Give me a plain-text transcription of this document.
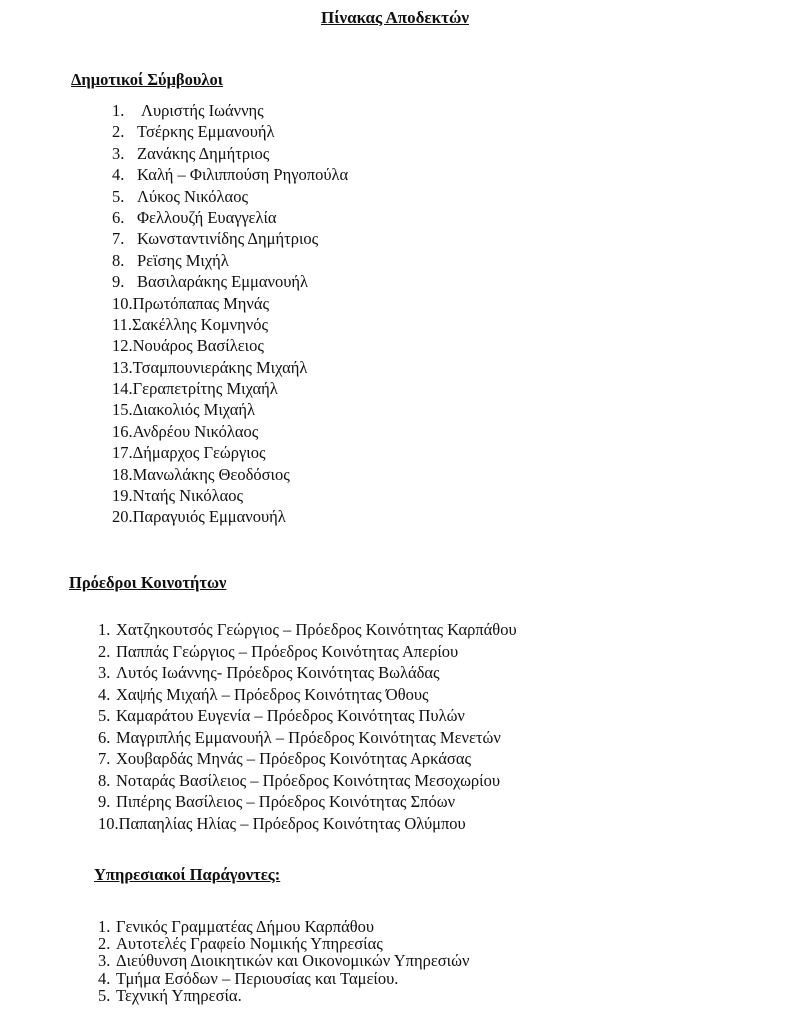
Πίνακας Αποδεκτών
Δημοτικοί Σύμβουλοι
1. Λυριστής Ιωάννης
2. Τσέρκης Εμμανουήλ
3. Ζανάκης Δημήτριος
4. Καλή – Φιλιππούση Ρηγοπούλα
5. Λύκος Νικόλαος
6. Φελλουζή Ευαγγελία
7. Κωνσταντινίδης Δημήτριος
8. Ρεϊσης Μιχήλ
9. Βασιλαράκης Εμμανουήλ
10.Πρωτόπαπας Μηνάς
11.Σακέλλης Κομνηνός
12.Νουάρος Βασίλειος
13.Τσαμπουνιεράκης Μιχαήλ
14.Γεραπετρίτης Μιχαήλ
15.Διακολιός Μιχαήλ
16.Ανδρέου Νικόλαος
17.Δήμαρχος Γεώργιος
18.Μανωλάκης Θεοδόσιος
19.Νταής Νικόλαος
20.Παραγυιός Εμμανουήλ
Πρόεδροι Κοινοτήτων
1. Χατζηκουτσός Γεώργιος – Πρόεδρος Κοινότητας Καρπάθου
2. Παππάς Γεώργιος – Πρόεδρος Κοινότητας Απερίου
3. Λυτός Ιωάννης- Πρόεδρος Κοινότητας Βωλάδας
4. Χαψής Μιχαήλ – Πρόεδρος Κοινότητας Όθους
5. Καμαράτου Ευγενία – Πρόεδρος Κοινότητας Πυλών
6. Μαγριπλής Εμμανουήλ – Πρόεδρος Κοινότητας Μενετών
7. Χουβαρδάς Μηνάς – Πρόεδρος Κοινότητας Αρκάσας
8. Νοταράς Βασίλειος – Πρόεδρος Κοινότητας Μεσοχωρίου
9. Πιπέρης Βασίλειος – Πρόεδρος Κοινότητας Σπόων
10.Παπαηλίας Ηλίας – Πρόεδρος Κοινότητας Ολύμπου
Υπηρεσιακοί Παράγοντες:
1. Γενικός Γραμματέας Δήμου Καρπάθου
2. Αυτοτελές Γραφείο Νομικής Υπηρεσίας
3. Διεύθυνση Διοικητικών και Οικονομικών Υπηρεσιών
4. Τμήμα Εσόδων – Περιουσίας και Ταμείου.
5. Τεχνική Υπηρεσία.
